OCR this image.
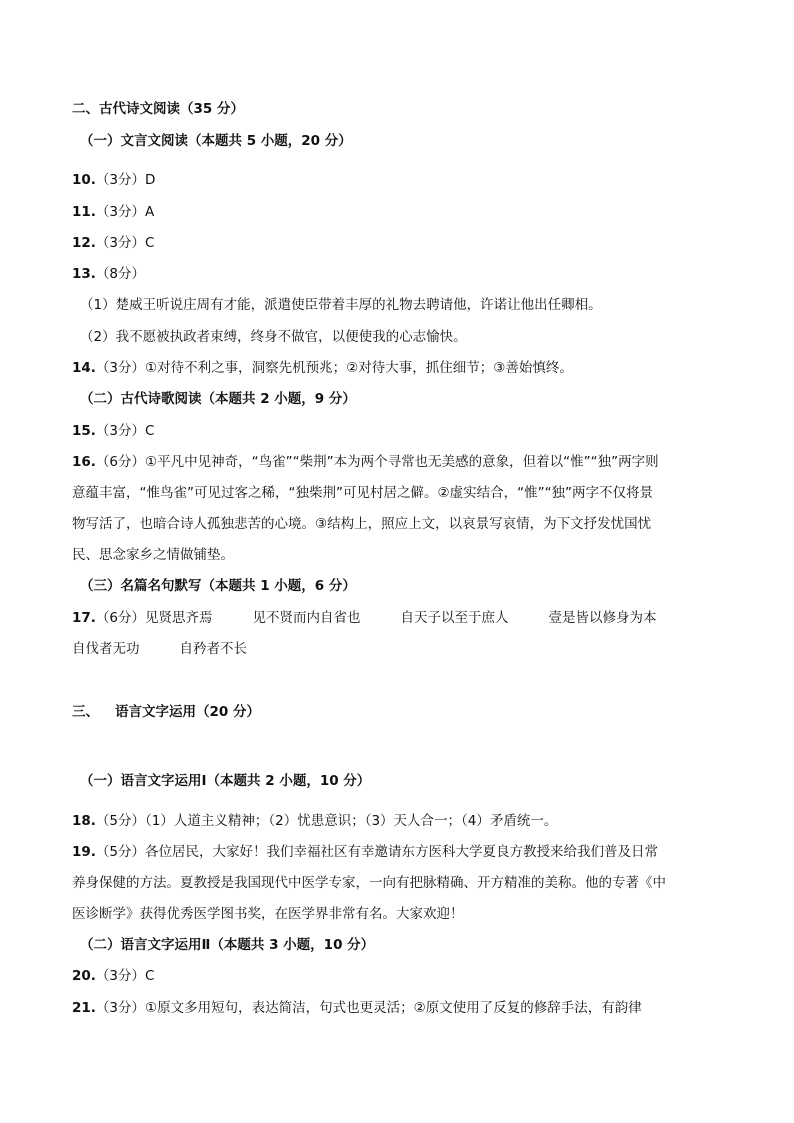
二、古代诗文阅读（35 分）
（一）文言文阅读（本题共 5 小题，20 分）
10.（3分）D
11.（3分）A
12.（3分）C
13.（8分）
（1）楚威王听说庄周有才能，派遣使臣带着丰厚的礼物去聘请他，许诺让他出任卿相。
（2）我不愿被执政者束缚，终身不做官，以便使我的心志愉快。
14.（3分）①对待不利之事，洞察先机预兆；②对待大事，抓住细节；③善始慎终。
（二）古代诗歌阅读（本题共 2 小题，9 分）
15.（3分）C
16.（6分）①平凡中见神奇，“鸟雀”“柴荆”本为两个寻常也无美感的意象，但着以“惟”“独”两字则
意蕴丰富，“惟鸟雀”可见过客之稀，“独柴荆”可见村居之僻。②虚实结合，“惟”“独”两字不仅将景
物写活了，也暗合诗人孤独悲苦的心境。③结构上，照应上文，以哀景写哀情，为下文抒发忧国忧
民、思念家乡之情做铺垫。
（三）名篇名句默写（本题共 1 小题，6 分）
17.（6分）见贤思齐焉	见不贤而内自省也	自天子以至于庶人	壹是皆以修身为本
自伐者无功	自矜者不长
三、 语言文字运用（20 分）
（一）语言文字运用Ⅰ（本题共 2 小题，10 分）
18.（5分）（1）人道主义精神；（2）忧患意识；（3）天人合一；（4）矛盾统一。
19.（5分）各位居民，大家好！我们幸福社区有幸邀请东方医科大学夏良方教授来给我们普及日常
养身保健的方法。夏教授是我国现代中医学专家，一向有把脉精确、开方精准的美称。他的专著《中
医诊断学》获得优秀医学图书奖，在医学界非常有名。大家欢迎！
（二）语言文字运用Ⅱ（本题共 3 小题，10 分）
20.（3分）C
21.（3分）①原文多用短句，表达简洁，句式也更灵活；②原文使用了反复的修辞手法，有韵律
